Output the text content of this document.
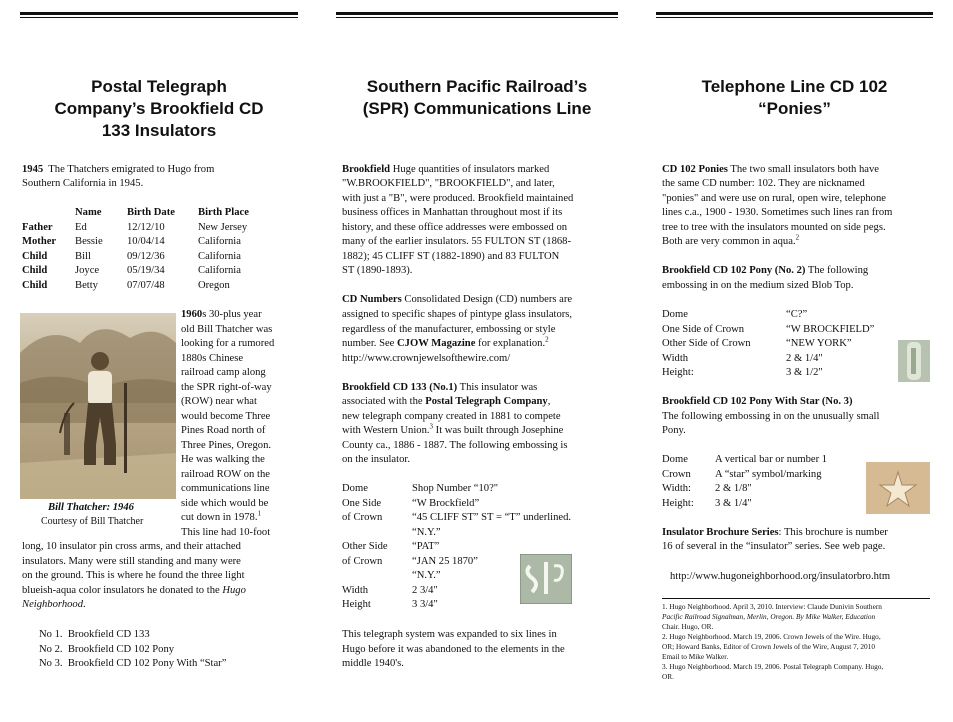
Postal Telegraph
Company’s Brookfield CD
133 Insulators
1945 The Thatchers emigrated to Hugo from
Southern California in 1945.
Name Birth Date Birth Place
Father Ed	12/12/10	New Jersey
Mother Bessie 10/04/14	California
Child	Bill	09/12/36	California
Child	Joyce	05/19/34	California
Child	Betty	07/07/48	Oregon
Bill Thatcher: 1946
Courtesy of Bill Thatcher
1960s 30-plus year
old Bill Thatcher was
looking for a rumored
1880s Chinese
railroad camp along
the SPR right-of-way
(ROW) near what
would become Three
Pines Road north of
Three Pines, Oregon.
He was walking the
railroad ROW on the
communications line
side which would be
cut down in 1978.$^1$
This line had 10-foot
long, 10 insulator pin cross arms, and their attached
insulators. Many were still standing and many were
on the ground. This is where he found the three light
blueish-aqua color insulators he donated to the Hugo
Neighborhood.
No 1. Brookfield CD 133
No 2. Brookfield CD 102 Pony
No 3. Brookfield CD 102 Pony With “Star”
Southern Pacific Railroad’s
(SPR) Communications Line
Brookfield Huge quantities of insulators marked
"W.BROOKFIELD", "BROOKFIELD", and later,
with just a "B", were produced. Brookfield maintained
business offices in Manhattan throughout most if its
history, and these office addresses were embossed on
many of the earlier insulators. 55 FULTON ST (1868-
1882); 45 CLIFF ST (1882-1890) and 83 FULTON
ST (1890-1893).
CD Numbers Consolidated Design (CD) numbers are
assigned to specific shapes of pintype glass insulators,
regardless of the manufacturer, embossing or style
number. See CJOW Magazine for explanation.$^2$
http://www.crownjewelsofthewire.com/
Brookfield CD 133 (No.1) This insulator was
associated with the Postal Telegraph Company,
new telegraph company created in 1881 to compete
with Western Union.$^3$ It was built through Josephine
County ca., 1886 - 1887. The following embossing is
on the insulator.
Dome	Shop Number “10?"
One Side	“W Brockfield”
of Crown	“45 CLIFF ST” ST = “T” underlined.
“N.Y.”
Other Side “PAT”
of Crown	“JAN 25 1870”
“N.Y.”
Width	2 3/4"
Height	3 3/4"
This telegraph system was expanded to six lines in
Hugo before it was abandoned to the elements in the
middle 1940's.
Telephone Line CD 102
“Ponies”
CD 102 Ponies The two small insulators both have
the same CD number: 102. They are nicknamed
"ponies" and were use on rural, open wire, telephone
lines c.a., 1900 - 1930. Sometimes such lines ran from
tree to tree with the insulators mounted on side pegs.
Both are very common in aqua.$^2$
Brookfield CD 102 Pony (No. 2) The following
embossing in on the medium sized Blob Top.
Dome	“C?”
One Side of Crown	“W BROCKFIELD”
Other Side of Crown	“NEW YORK”
Width	2 & 1/4"
Height:	3 & 1/2"
Brookfield CD 102 Pony With Star (No. 3)
The following embossing in on the unusually small
Pony.
Dome	A vertical bar or number 1
Crown A “star” symbol/marking
Width: 2 & 1/8"
Height: 3 & 1/4"
Insulator Brochure Series: This brochure is number
16 of several in the “insulator” series. See web page.
http://www.hugoneighborhood.org/insulatorbro.htm
1. Hugo Neighborhood. April 3, 2010. Interview: Claude Dunivin Southern
Pacific Railroad Signalman, Merlin, Oregon. By Mike Walker, Education
Chair. Hugo, OR.
2. Hugo Neighborhood. March 19, 2006. Crown Jewels of the Wire. Hugo,
OR; Howard Banks, Editor of Crown Jewels of the Wire, August 7, 2010
Email to Mike Walker.
3. Hugo Neighborhood. March 19, 2006. Postal Telegraph Company. Hugo,
OR.
